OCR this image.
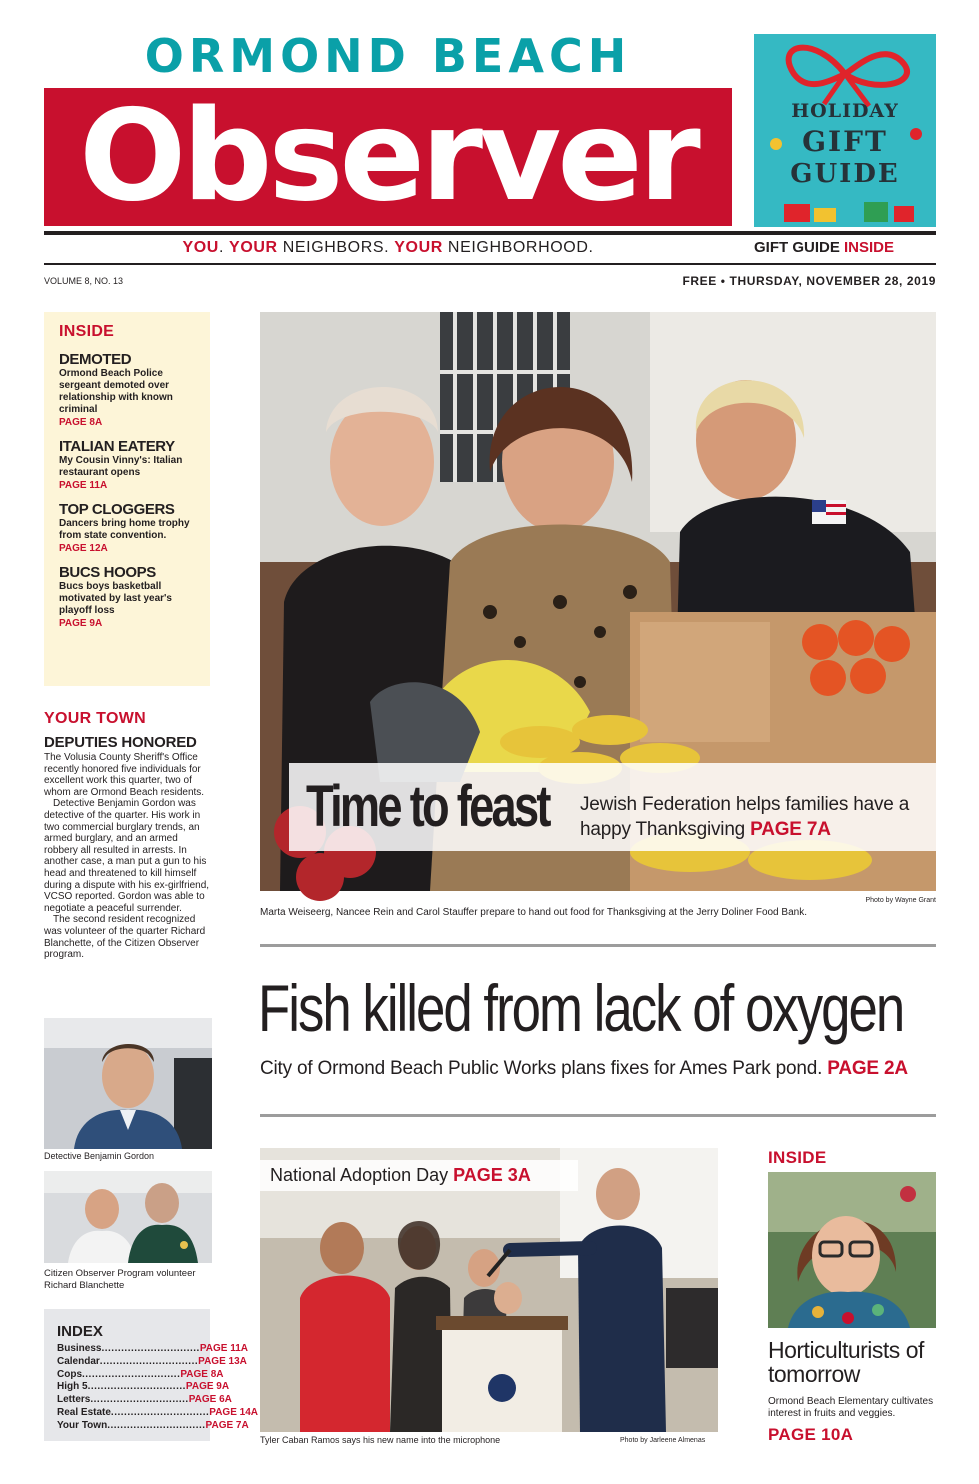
ORMOND BEACH
Observer
YOU. YOUR NEIGHBORS. YOUR NEIGHBORHOOD.
HOLIDAY
GIFT
GUIDE
GIFT GUIDE INSIDE
VOLUME 8, NO. 13	FREE • THURSDAY, NOVEMBER 28, 2019
INSIDE
DEMOTED
Ormond Beach Police sergeant demoted over relationship with known criminal
PAGE 8A
ITALIAN EATERY
My Cousin Vinny's: Italian restaurant opens
PAGE 11A
TOP CLOGGERS
Dancers bring home trophy from state convention.
PAGE 12A
BUCS HOOPS
Bucs boys basketball motivated by last year's playoff loss
PAGE 9A
YOUR TOWN
DEPUTIES HONORED

The Volusia County Sheriff's Office recently honored five individuals for excellent work this quarter, two of whom are Ormond Beach residents.

Detective Benjamin Gordon was detective of the quarter. His work in two commercial burglary trends, an armed burglary, and an armed robbery all resulted in arrests. In another case, a man put a gun to his head and threatened to kill himself during a dispute with his ex-girlfriend, VCSO reported. Gordon was able to negotiate a peaceful surrender.

The second resident recognized was volunteer of the quarter Richard Blanchette, of the Citizen Observer program.

Detective Benjamin Gordon
Citizen Observer Program volunteer Richard Blanchette
INDEX
Business .............................. PAGE 11A
Calendar .............................. PAGE 13A
Cops .............................. PAGE 8A
High 5 .............................. PAGE 9A
Letters .............................. PAGE 6A
Real Estate .............................. PAGE 14A
Your Town .............................. PAGE 7A
Time to feast Jewish Federation helps families have a happy Thanksgiving PAGE 7A
Photo by Wayne Grant
Marta Weiseerg, Nancee Rein and Carol Stauffer prepare to hand out food for Thanksgiving at the Jerry Doliner Food Bank.
Fish killed from lack of oxygen
City of Ormond Beach Public Works plans fixes for Ames Park pond. PAGE 2A
National Adoption Day PAGE 3A
Tyler Caban Ramos says his new name into the microphone	Photo by Jarleene Almenas
INSIDE
Horticulturists of tomorrow
Ormond Beach Elementary cultivates interest in fruits and veggies.
PAGE 10A
